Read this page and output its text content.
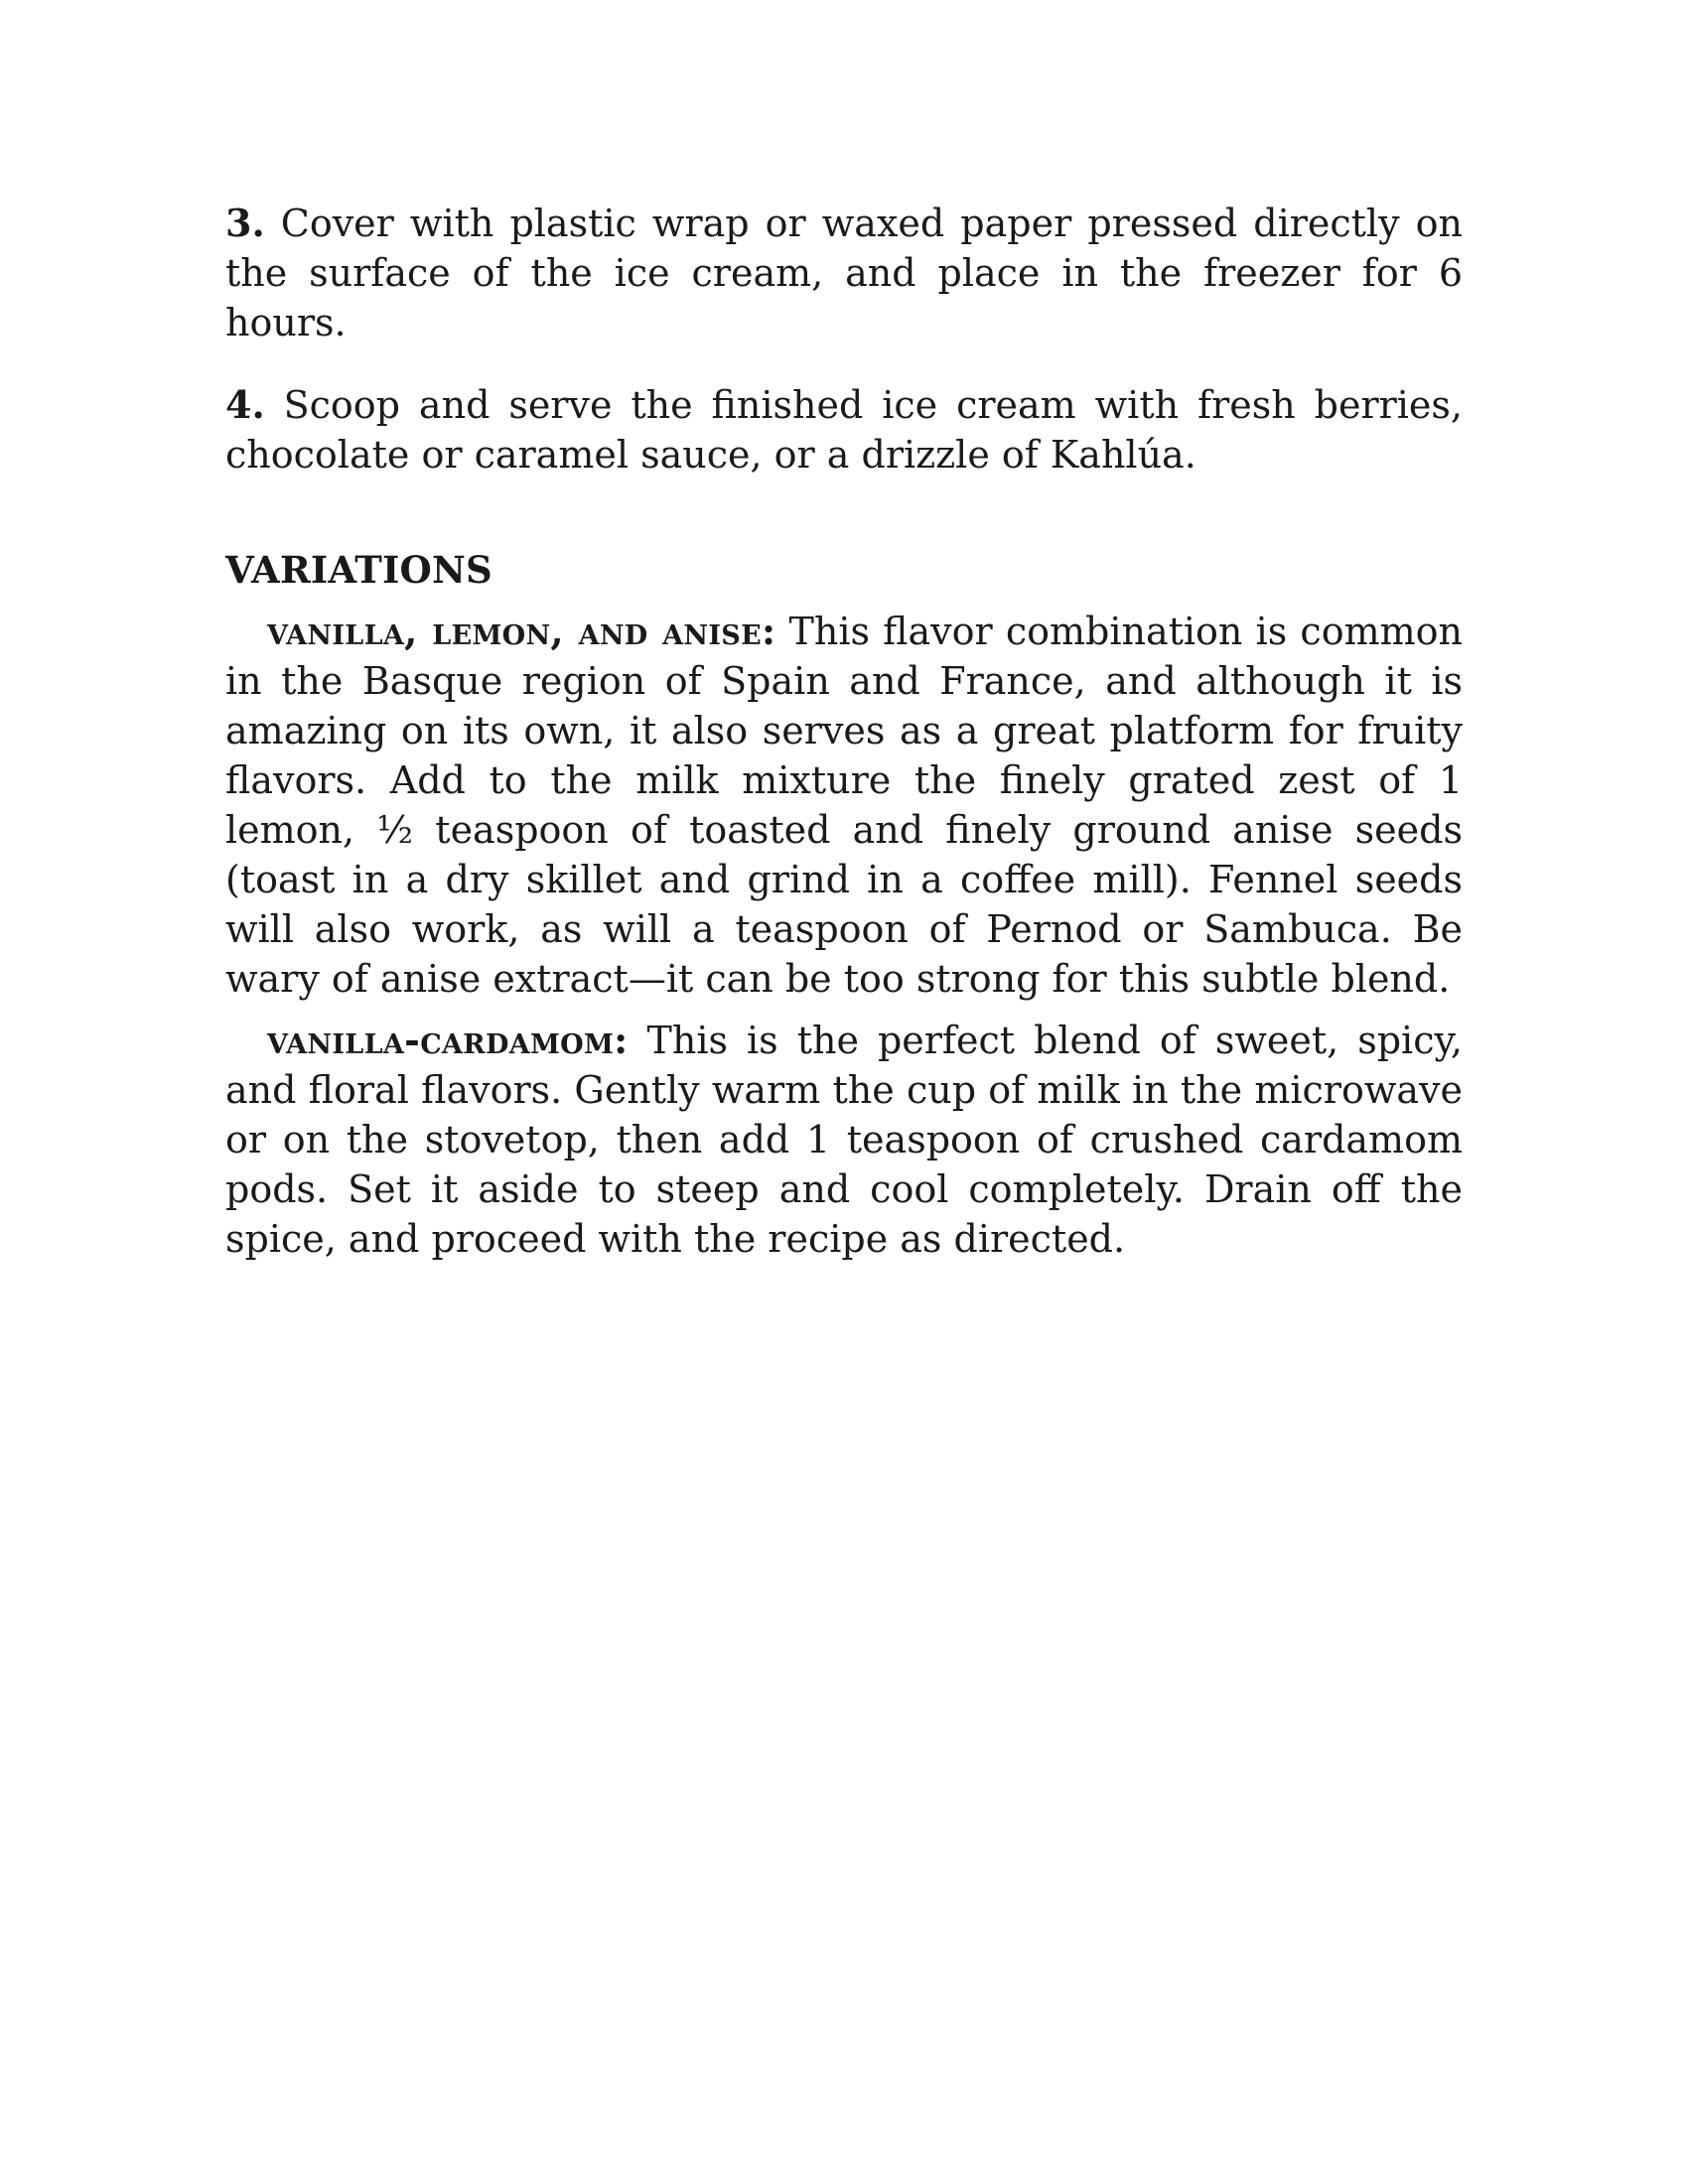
3. Cover with plastic wrap or waxed paper pressed directly on the surface of the ice cream, and place in the freezer for 6 hours.

4. Scoop and serve the finished ice cream with fresh berries, chocolate or caramel sauce, or a drizzle of Kahlúa.

VARIATIONS

vanilla, lemon, and anise: This flavor combination is common in the Basque region of Spain and France, and although it is amazing on its own, it also serves as a great platform for fruity flavors. Add to the milk mixture the finely grated zest of 1 lemon, ½ teaspoon of toasted and finely ground anise seeds (toast in a dry skillet and grind in a coffee mill). Fennel seeds will also work, as will a teaspoon of Pernod or Sambuca. Be wary of anise extract—it can be too strong for this subtle blend.

vanilla-cardamom: This is the perfect blend of sweet, spicy, and floral flavors. Gently warm the cup of milk in the microwave or on the stovetop, then add 1 teaspoon of crushed cardamom pods. Set it aside to steep and cool completely. Drain off the spice, and proceed with the recipe as directed.
